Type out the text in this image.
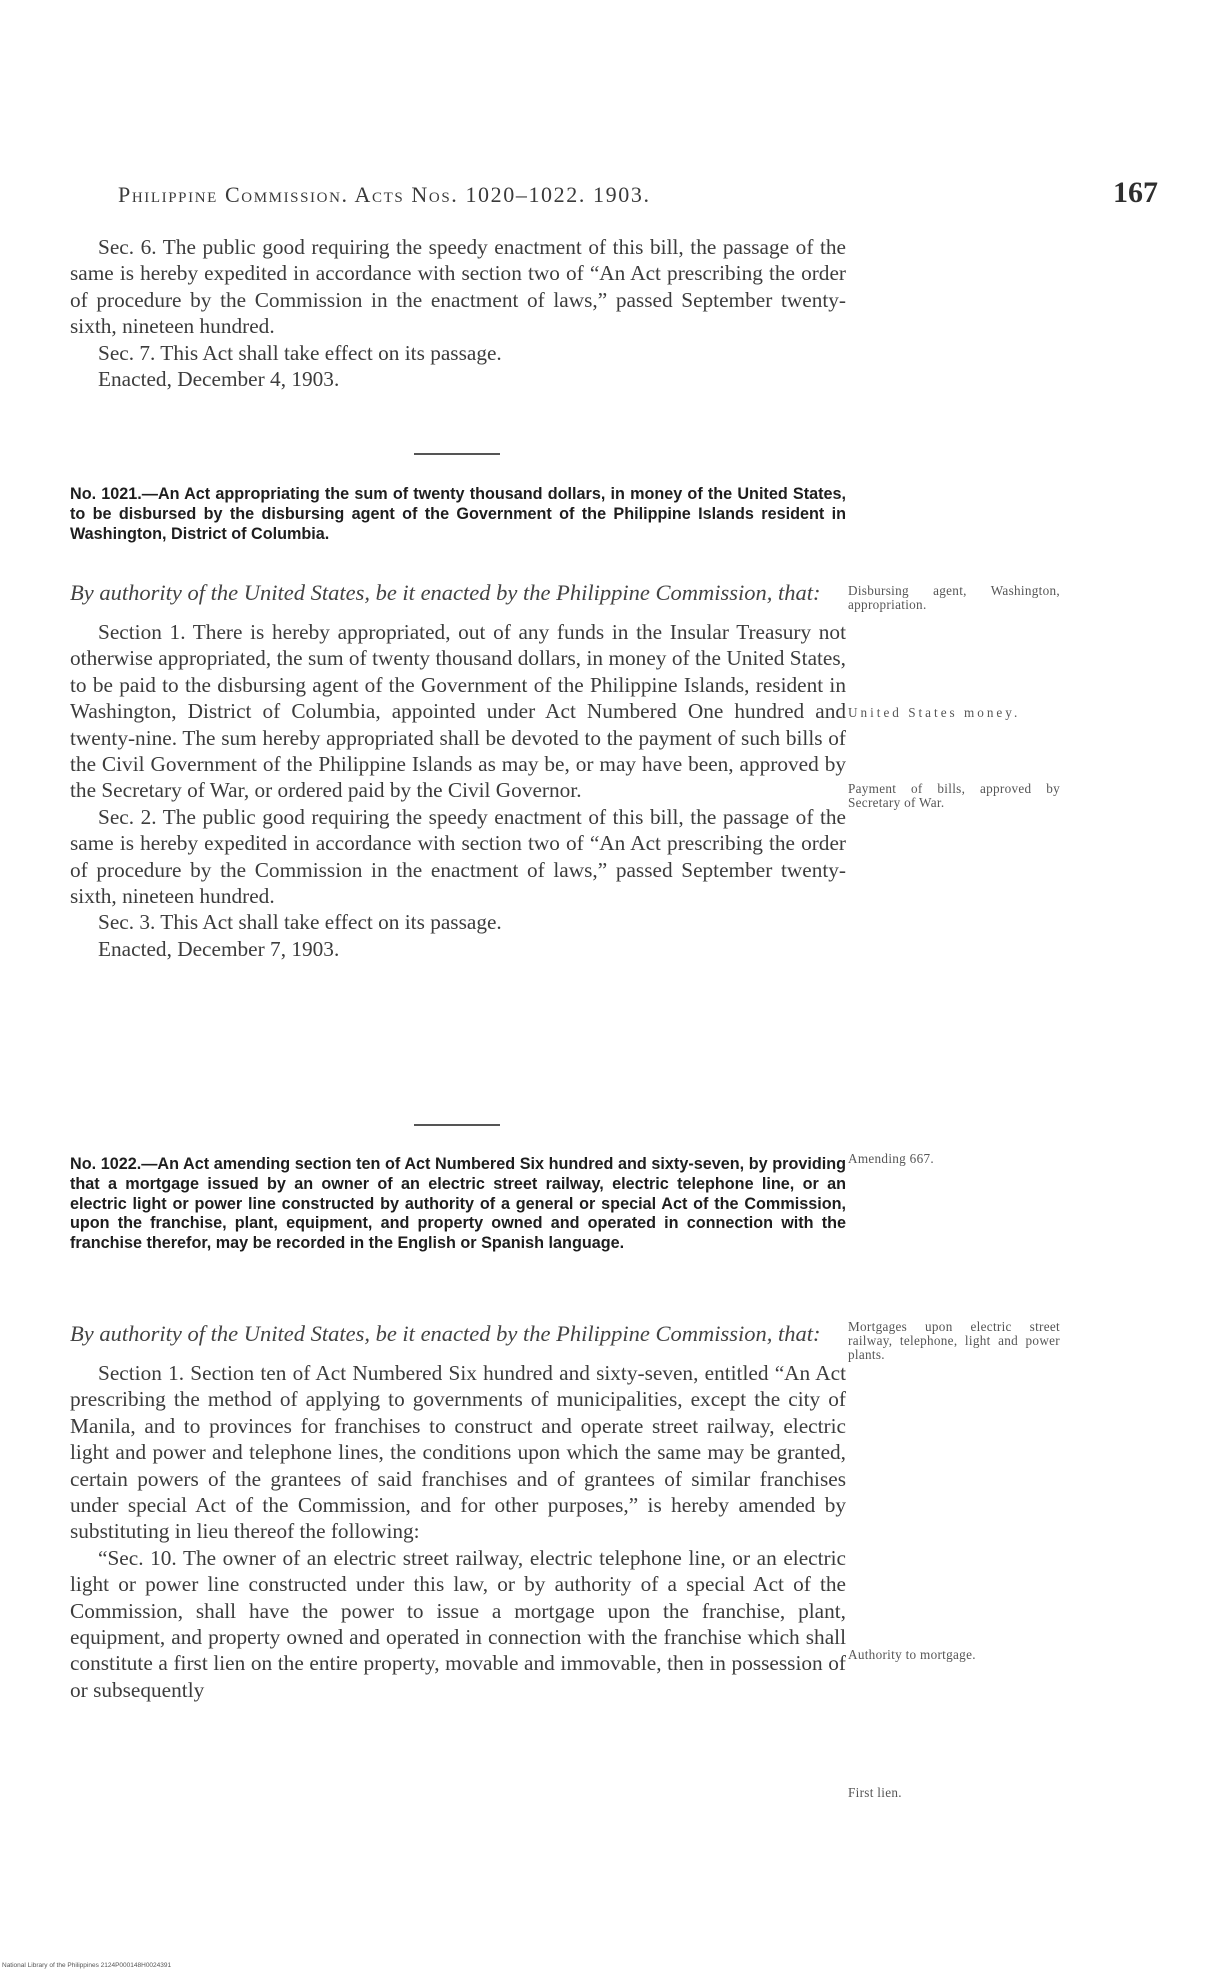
Philippine Commission. Acts Nos. 1020–1022. 1903.	167

Sec. 6. The public good requiring the speedy enactment of this bill, the passage of the same is hereby expedited in accordance with section two of “An Act prescribing the order of procedure by the Commission in the enactment of laws,” passed September twenty-sixth, nineteen hundred.

Sec. 7. This Act shall take effect on its passage.

Enacted, December 4, 1903.

No. 1021.—An Act appropriating the sum of twenty thousand dollars, in money of the United States, to be disbursed by the disbursing agent of the Government of the Philippine Islands resident in Washington, District of Columbia.

By authority of the United States, be it enacted by the Philippine Commission, that:

Section 1. There is hereby appropriated, out of any funds in the Insular Treasury not otherwise appropriated, the sum of twenty thousand dollars, in money of the United States, to be paid to the disbursing agent of the Government of the Philippine Islands, resident in Washington, District of Columbia, appointed under Act Numbered One hundred and twenty-nine. The sum hereby appropriated shall be devoted to the payment of such bills of the Civil Government of the Philippine Islands as may be, or may have been, approved by the Secretary of War, or ordered paid by the Civil Governor.

Sec. 2. The public good requiring the speedy enactment of this bill, the passage of the same is hereby expedited in accordance with section two of “An Act prescribing the order of procedure by the Commission in the enactment of laws,” passed September twenty-sixth, nineteen hundred.

Sec. 3. This Act shall take effect on its passage.

Enacted, December 7, 1903.

Disbursing agent, Washington, appropriation.
United States money.
Payment of bills, approved by Secretary of War.
No. 1022.—An Act amending section ten of Act Numbered Six hundred and sixty-seven, by providing that a mortgage issued by an owner of an electric street railway, electric telephone line, or an electric light or power line constructed by authority of a general or special Act of the Commission, upon the franchise, plant, equipment, and property owned and operated in connection with the franchise therefor, may be recorded in the English or Spanish language.
Amending 667.

By authority of the United States, be it enacted by the Philippine Commission, that:

Section 1. Section ten of Act Numbered Six hundred and sixty-seven, entitled “An Act prescribing the method of applying to governments of municipalities, except the city of Manila, and to provinces for franchises to construct and operate street railway, electric light and power and telephone lines, the conditions upon which the same may be granted, certain powers of the grantees of said franchises and of grantees of similar franchises under special Act of the Commission, and for other purposes,” is hereby amended by substituting in lieu thereof the following:

“Sec. 10. The owner of an electric street railway, electric telephone line, or an electric light or power line constructed under this law, or by authority of a special Act of the Commission, shall have the power to issue a mortgage upon the franchise, plant, equipment, and property owned and operated in connection with the franchise which shall constitute a first lien on the entire property, movable and immovable, then in possession of or subsequently

Mortgages upon electric street railway, telephone, light and power plants.
Authority to mortgage.
First lien.
National Library of the Philippines 2124P000148H0024391
